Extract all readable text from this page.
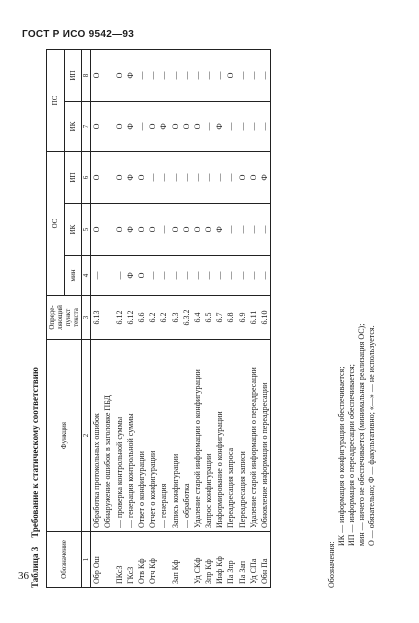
ГОСТ Р ИСО 9542—93
Таблица 3    Требование к статическому соответствию
Обозначение	Функция	Опреде-ляющий пункт текста	ОС			ПС	
			мин	ИК	ИП	ИК	ИП
1	2	3	4	5	6	7	8
Обр Ош	Обработка протокольных ошибок	6.13	—	О	О	О	О
	Обнаружение ошибок в заголовке ПБД						
ПКсЗ	— проверка контрольной суммы	6.12	—	О	О	О	О
ГКсЗ	— генерация контрольной суммы	6.12	Ф	Ф	Ф	Ф	Ф
Отв Кф	Ответ о конфигурации	6.6	О	О	О	—	—
Отч Кф	Отчет о конфигурации	6.2	—	О	—	О	—
	— генерация	6.2	—	—	—	Ф	—
Зап Кф	Запись конфигурации	6.3	—	О	—	О	—
	— обработка	6.3.2	—	О	—	О	—
Уд СКф	Удаление старой информации о конфигурации	6.4	—	О	—	О	—
Зпр Кф	Запрос конфигурации	6.5	—	О	—	—	—
Инф Кф	Информирование о конфигурации	6.7	—	Ф	—	Ф	—
Па Зпр	Переадресация запроса	6.8	—	—	—	—	О
Па Зап	Переадресация записи	6.9	—	—	О	—	—
Уд СПа	Удаление старой информации о переадресации	6.11	—	—	О	—	—
Обн Па	Обновление информации о переадресации	6.10	—	—	Ф	—	—
Обозначения:
ИК — информация о конфигурации обеспечивается; ИП — информация о переадресации обеспечивается; мин — ничего не обеспечивается (минимальная реализация ОС); О — обязательно; Ф — факультативно; «—» — не используется.
36
